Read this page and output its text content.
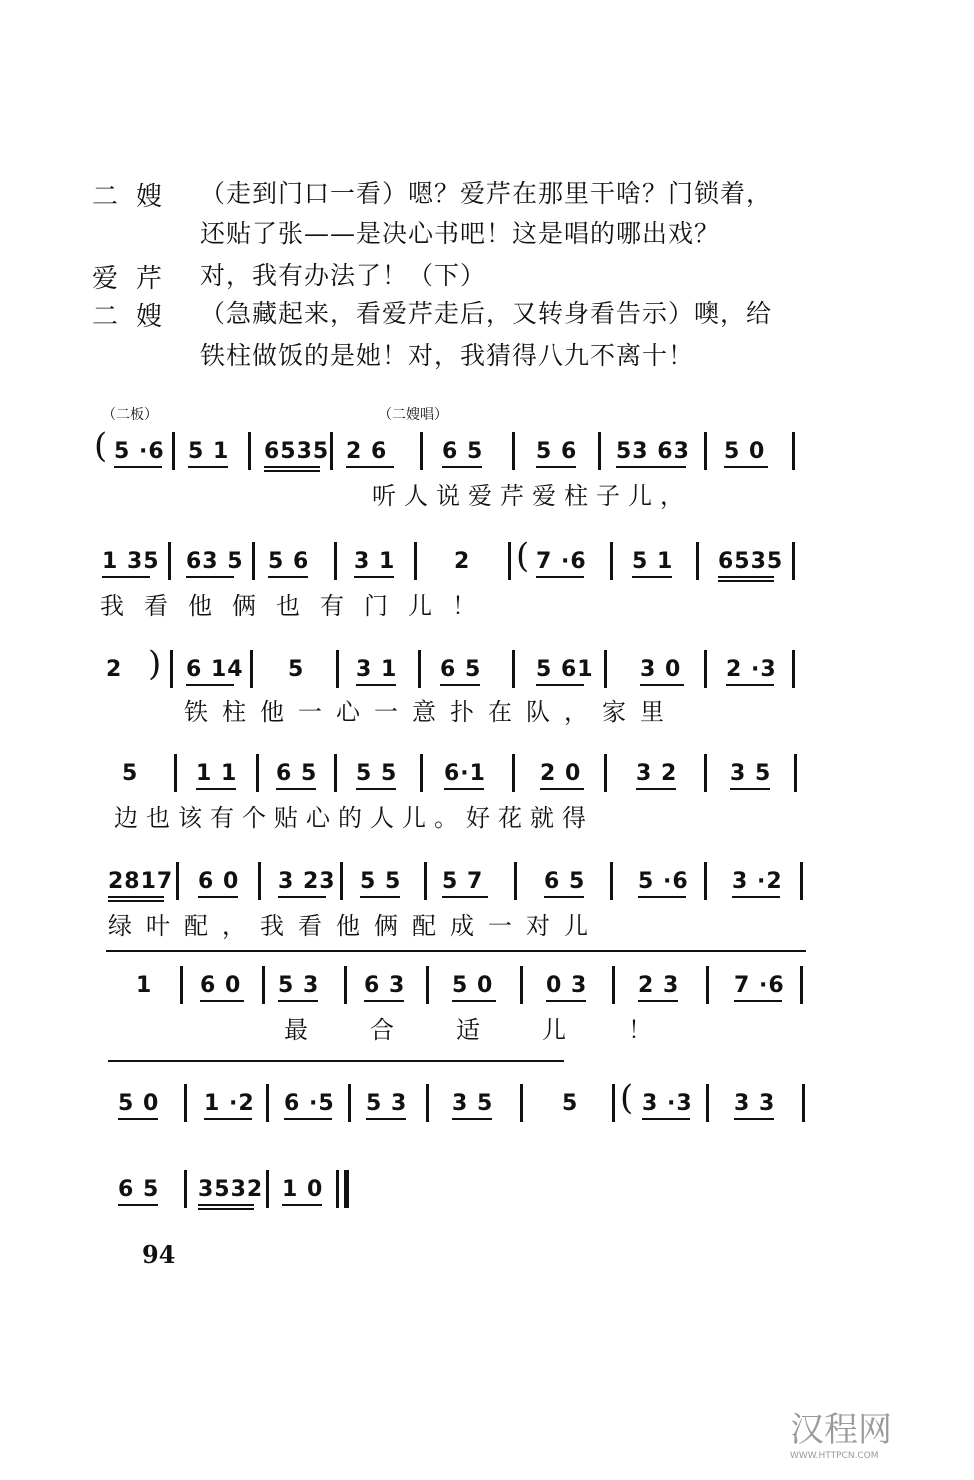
二嫂 （走到门口一看）嗯？爱芹在那里干啥？门锁着，
还贴了张——是决心书吧！这是唱的哪出戏？
爱芹 对，我有办法了！（下）
二嫂 （急藏起来，看爱芹走后，又转身看告示）噢，给
铁柱做饭的是她！对，我猜得八九不离十！
（二板）	（二嫂唱）
( 5 ·6 5 1 6535 2 6 6 5 5 6 53 63 5 0
听人说爱芹爱柱子儿，
1 35 63 5 5 6 3 1	2 ( 7 ·6 5 1 6535
我看他俩也有门儿！
2 ) 6 14 5 3 1 6 5 5 61 3 0 2 ·3
铁柱他一心一意扑在队，家里
5	1 1 6 5 5 5 6·1 2 0 3 2 3 5
边也该有个贴心的人儿。好花就得
2817 6 0 3 23 5 5 5 7	6 5 5 ·6 3 ·2
绿叶配，我看他俩配成一对儿
1 6 0 5 3 6 3 5 0 0 3 2 3 7 ·6
最合适儿！
5 0 1 ·2 6 ·5 5 3 3 5	5 ( 3 ·3 3 3
6 5 3532 1 0
94
汉程网
WWW.HTTPCN.COM
